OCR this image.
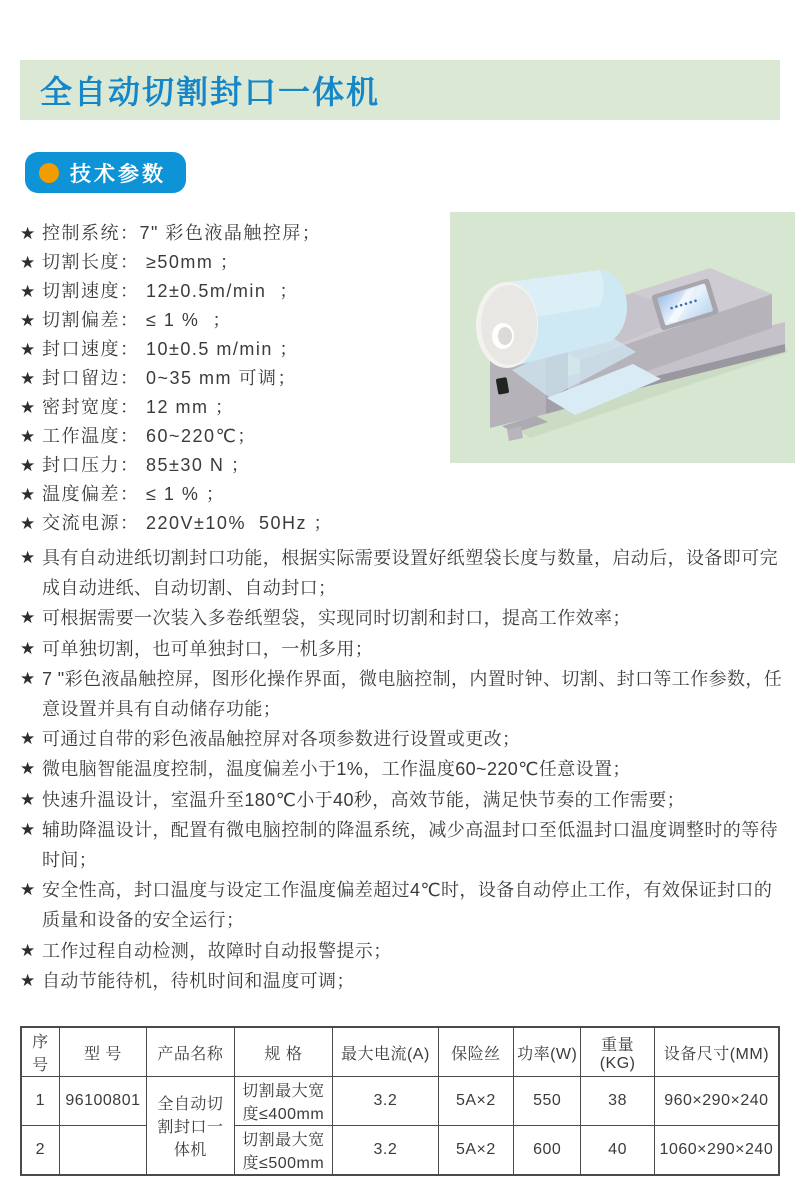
全自动切割封口一体机
技术参数
★ 控制系统：7" 彩色液晶触控屏；
★ 切割长度： ≥50mm ；
★ 切割速度： 12±0.5m/min  ；
★ 切割偏差： ≤ 1 %  ；
★ 封口速度： 10±0.5 m/min ；
★ 封口留边： 0~35 mm 可调；
★ 密封宽度： 12 mm ；
★ 工作温度： 60~220℃；
★ 封口压力： 85±30 N ；
★ 温度偏差： ≤ 1 % ；
★ 交流电源： 220V±10%  50Hz ；
★ 具有自动进纸切割封口功能，根据实际需要设置好纸塑袋长度与数量，启动后，设备即可完成自动进纸、自动切割、自动封口；
★ 可根据需要一次装入多卷纸塑袋，实现同时切割和封口，提高工作效率；
★ 可单独切割，也可单独封口，一机多用；
★ 7 "彩色液晶触控屏，图形化操作界面，微电脑控制，内置时钟、切割、封口等工作参数，任意设置并具有自动储存功能；
★ 可通过自带的彩色液晶触控屏对各项参数进行设置或更改；
★ 微电脑智能温度控制，温度偏差小于1%，工作温度60~220℃任意设置；
★ 快速升温设计，室温升至180℃小于40秒，高效节能，满足快节奏的工作需要；
★ 辅助降温设计，配置有微电脑控制的降温系统，减少高温封口至低温封口温度调整时的等待时间；
★ 安全性高，封口温度与设定工作温度偏差超过4℃时，设备自动停止工作，有效保证封口的质量和设备的安全运行；
★ 工作过程自动检测，故障时自动报警提示；
★ 自动节能待机，待机时间和温度可调；
序号	型 号	产品名称	规 格	最大电流(A)	保险丝	功率(W)	重量(KG)	设备尺寸(MM)
1	96100801	全自动切割封口一体机	切割最大宽度≤400mm	3.2	5A×2	550	38	960×290×240
2			切割最大宽度≤500mm	3.2	5A×2	600	40	1060×290×240
